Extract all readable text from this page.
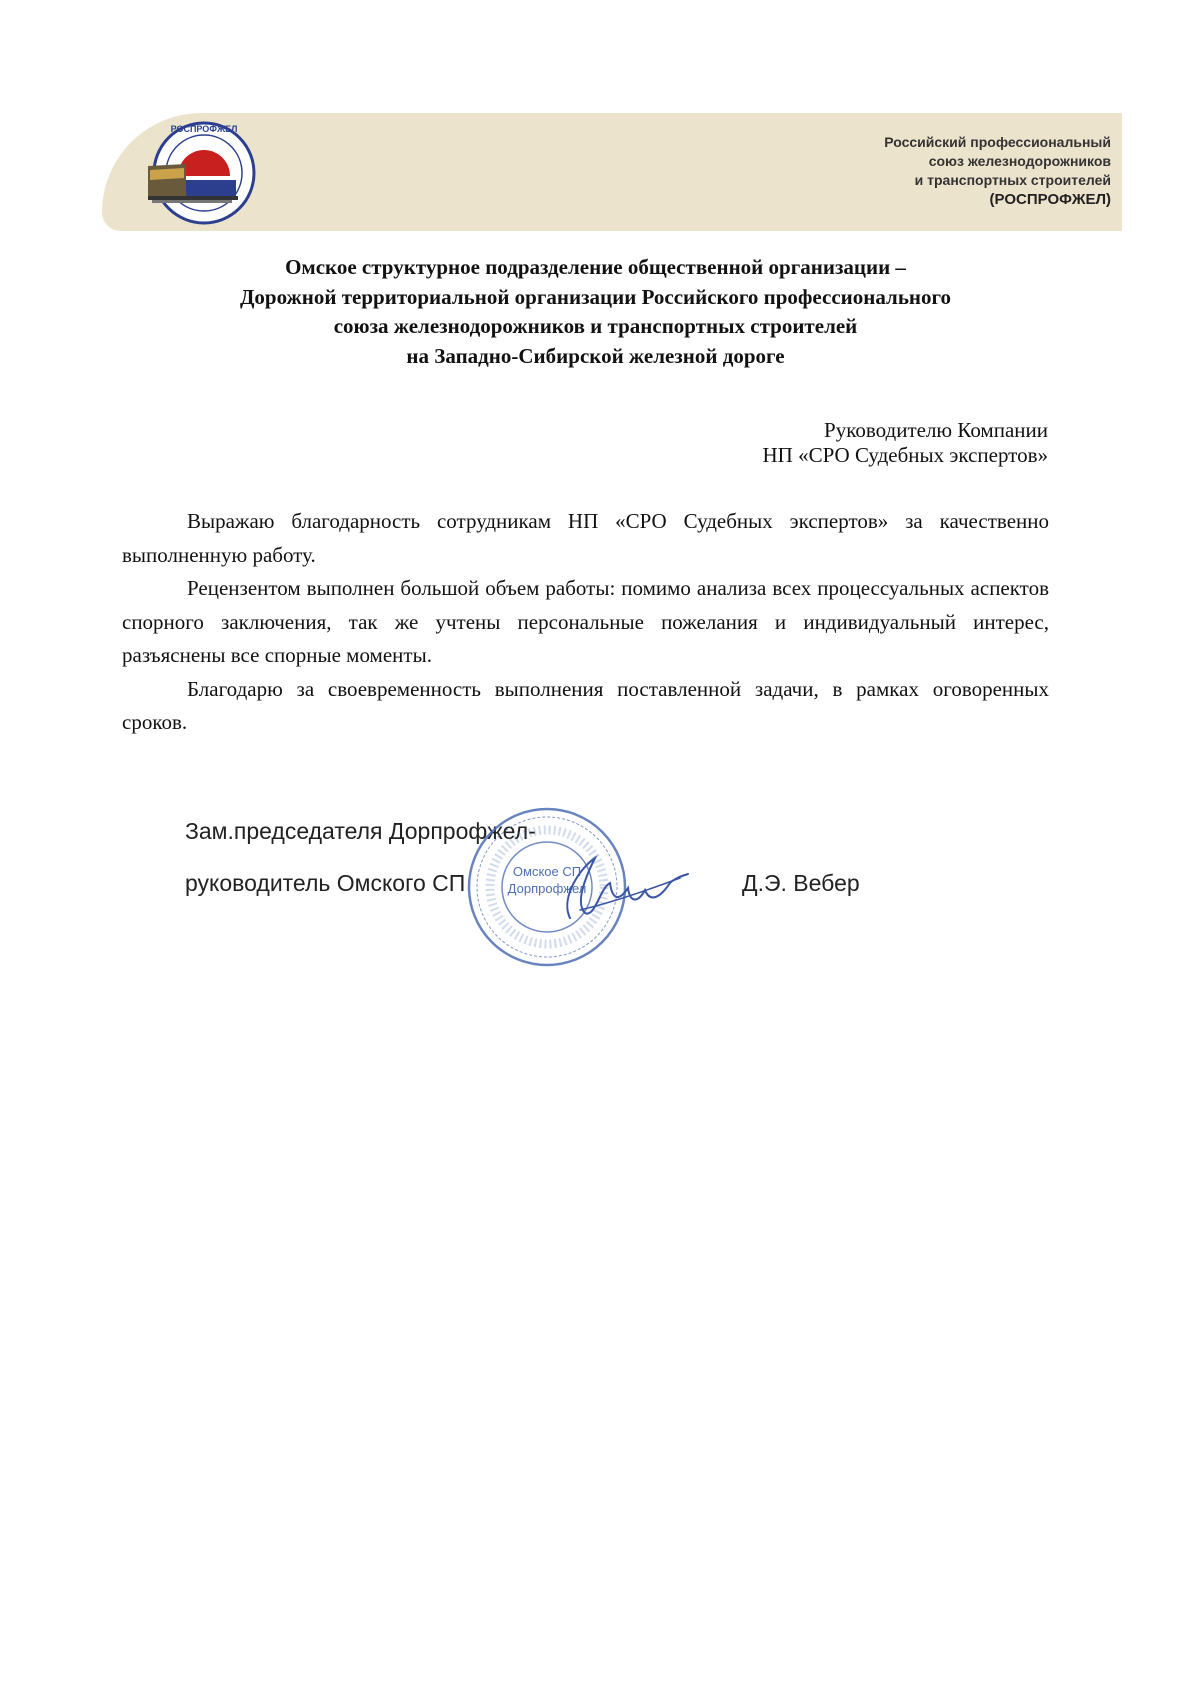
РОСПРОФЖЕЛ
Российский профессиональный
союз железнодорожников
и транспортных строителей
(РОСПРОФЖЕЛ)
Омское структурное подразделение общественной организации –
Дорожной территориальной организации Российского профессионального
союза железнодорожников и транспортных строителей
на Западно-Сибирской железной дороге
Руководителю Компании
НП «СРО Судебных экспертов»

Выражаю благодарность сотрудникам НП «СРО Судебных экспертов» за качественно выполненную работу.

Рецензентом выполнен большой объем работы: помимо анализа всех процессуальных аспектов спорного заключения, так же учтены персональные пожелания и индивидуальный интерес, разъяснены все спорные моменты.

Благодарю за своевременность выполнения поставленной задачи, в рамках оговоренных сроков.

Зам.председателя Дорпрофжел-
руководитель Омского СП	Д.Э. Вебер
Омское СП
Дорпрофжел
